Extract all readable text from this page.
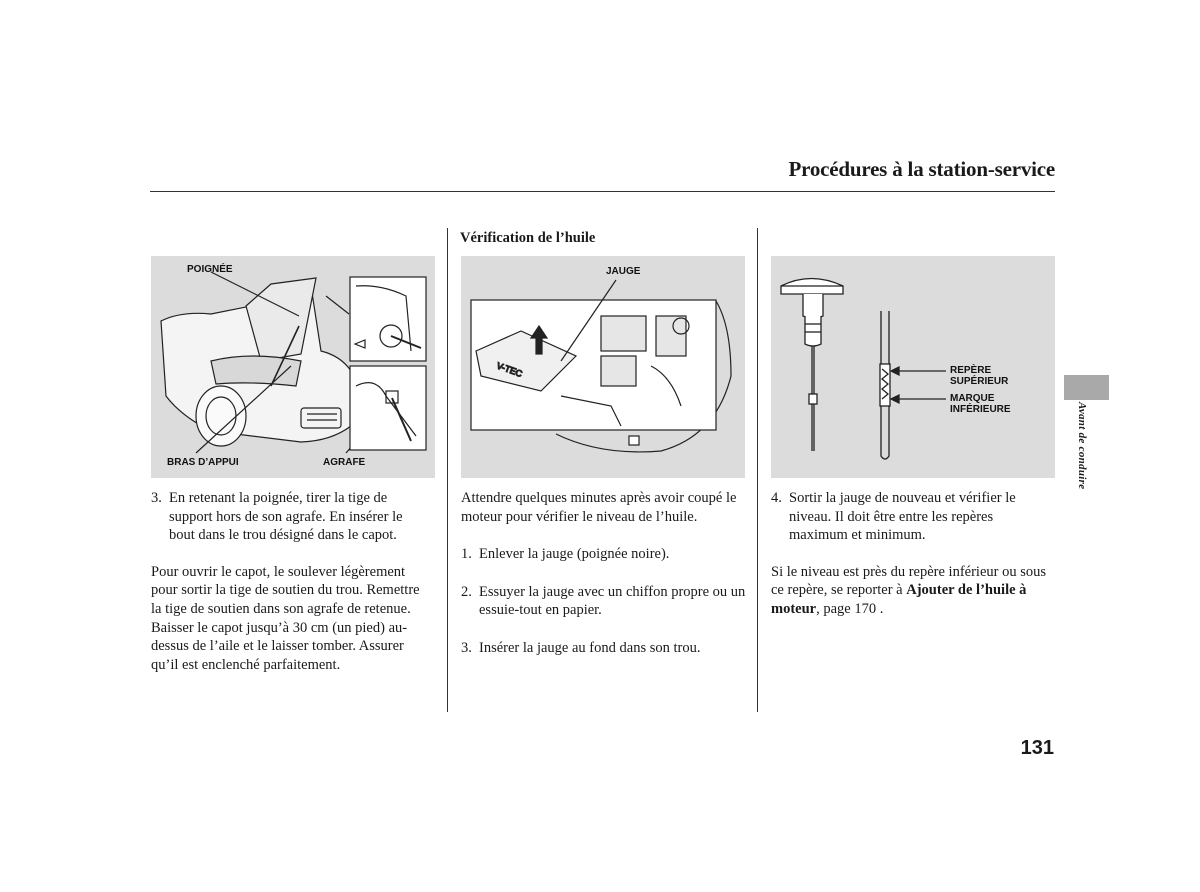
Procédures à la station-service
Vérification de l’huile
POIGNÉE
BRAS D’APPUI	AGRAFE
V-TEC
JAUGE
REPÈRE
SUPÉRIEUR
MARQUE
INFÉRIEURE
3. En retenant la poignée, tirer la tige de support hors de son agrafe. En insérer le bout dans le trou désigné dans le capot.
Pour ouvrir le capot, le soulever légèrement pour sortir la tige de soutien du trou. Remettre la tige de soutien dans son agrafe de retenue. Baisser le capot jusqu’à 30 cm (un pied) au-dessus de l’aile et le laisser tomber. Assurer qu’il est enclenché parfaitement.
Attendre quelques minutes après avoir coupé le moteur pour vérifier le niveau de l’huile.
1. Enlever la jauge (poignée noire).
2. Essuyer la jauge avec un chiffon propre ou un essuie-tout en papier.
3. Insérer la jauge au fond dans son trou.
4. Sortir la jauge de nouveau et vérifier le niveau. Il doit être entre les repères maximum et minimum.
Si le niveau est près du repère inférieur ou sous ce repère, se reporter à Ajouter de l’huile à moteur, page 170 .
Avant de conduire
131
